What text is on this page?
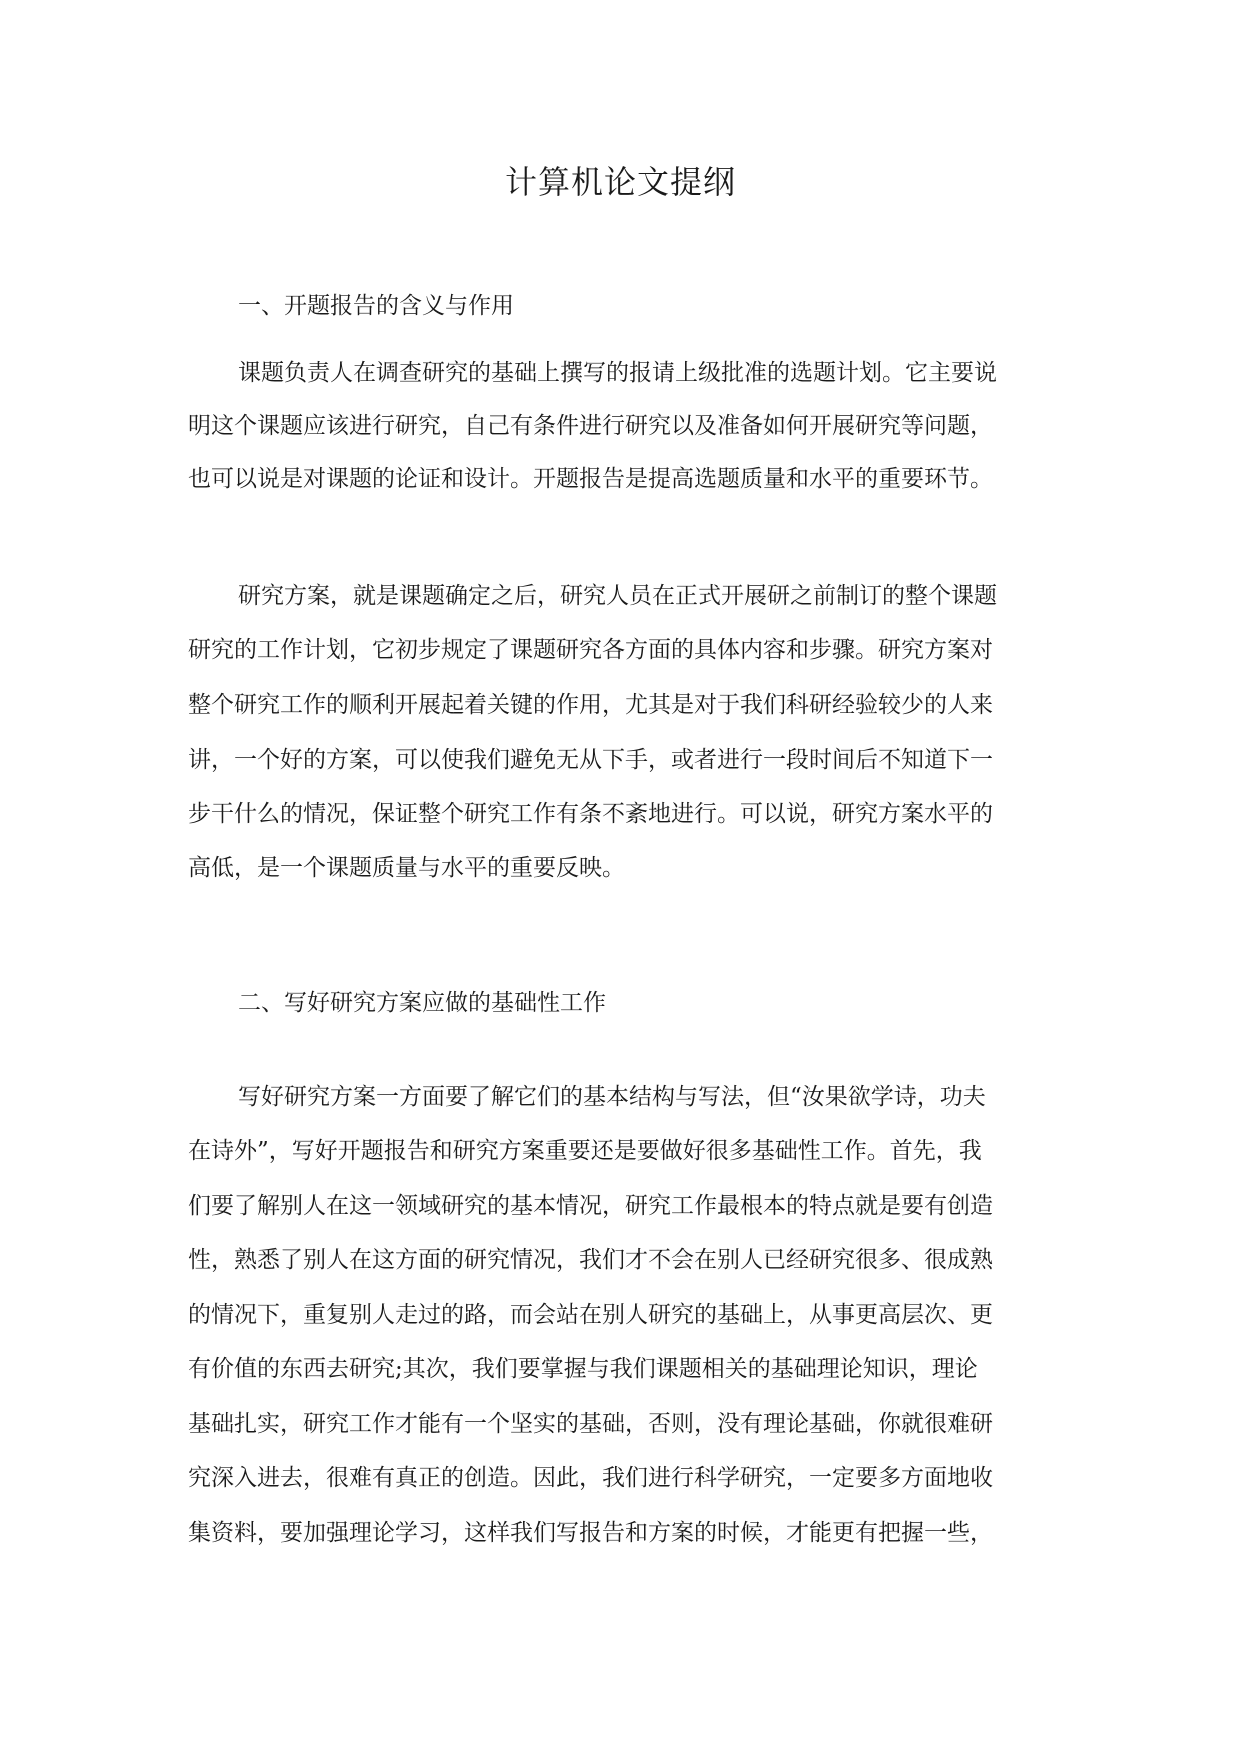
计算机论文提纲
一、开题报告的含义与作用
课题负责人在调查研究的基础上撰写的报请上级批准的选题计划。它主要说
明这个课题应该进行研究，自己有条件进行研究以及准备如何开展研究等问题，
也可以说是对课题的论证和设计。开题报告是提高选题质量和水平的重要环节。
研究方案，就是课题确定之后，研究人员在正式开展研之前制订的整个课题
研究的工作计划，它初步规定了课题研究各方面的具体内容和步骤。研究方案对
整个研究工作的顺利开展起着关键的作用，尤其是对于我们科研经验较少的人来
讲，一个好的方案，可以使我们避免无从下手，或者进行一段时间后不知道下一
步干什么的情况，保证整个研究工作有条不紊地进行。可以说，研究方案水平的
高低，是一个课题质量与水平的重要反映。
二、写好研究方案应做的基础性工作
写好研究方案一方面要了解它们的基本结构与写法，但“汝果欲学诗，功夫
在诗外”，写好开题报告和研究方案重要还是要做好很多基础性工作。首先，我
们要了解别人在这一领域研究的基本情况，研究工作最根本的特点就是要有创造
性，熟悉了别人在这方面的研究情况，我们才不会在别人已经研究很多、很成熟
的情况下，重复别人走过的路，而会站在别人研究的基础上，从事更高层次、更
有价值的东西去研究;其次，我们要掌握与我们课题相关的基础理论知识，理论
基础扎实，研究工作才能有一个坚实的基础，否则，没有理论基础，你就很难研
究深入进去，很难有真正的创造。因此，我们进行科学研究，一定要多方面地收
集资料，要加强理论学习，这样我们写报告和方案的时候，才能更有把握一些，
